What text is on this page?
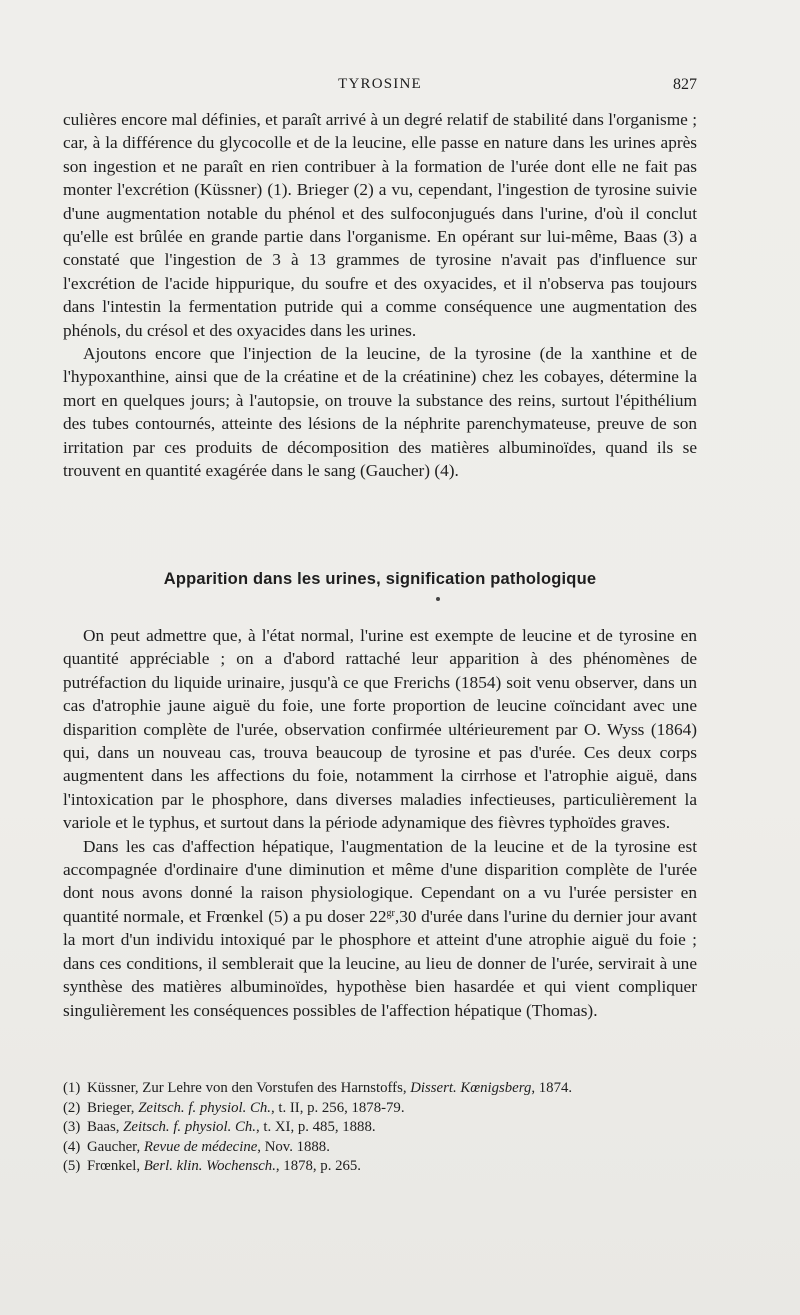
TYROSINE	827

culières encore mal définies, et paraît arrivé à un degré relatif de stabilité dans l'organisme ; car, à la différence du glycocolle et de la leucine, elle passe en nature dans les urines après son ingestion et ne paraît en rien contribuer à la formation de l'urée dont elle ne fait pas monter l'excrétion (Küssner) (1). Brieger (2) a vu, cependant, l'ingestion de tyrosine suivie d'une augmentation notable du phénol et des sulfoconjugués dans l'urine, d'où il conclut qu'elle est brûlée en grande partie dans l'organisme. En opérant sur lui-même, Baas (3) a constaté que l'ingestion de 3 à 13 grammes de tyrosine n'avait pas d'influence sur l'excrétion de l'acide hippurique, du soufre et des oxyacides, et il n'observa pas toujours dans l'intestin la fermentation putride qui a comme conséquence une augmentation des phénols, du crésol et des oxyacides dans les urines.

Ajoutons encore que l'injection de la leucine, de la tyrosine (de la xanthine et de l'hypoxanthine, ainsi que de la créatine et de la créatinine) chez les cobayes, détermine la mort en quelques jours; à l'autopsie, on trouve la substance des reins, surtout l'épithélium des tubes contournés, atteinte des lésions de la néphrite parenchymateuse, preuve de son irritation par ces produits de décomposition des matières albuminoïdes, quand ils se trouvent en quantité exagérée dans le sang (Gaucher) (4).

Apparition dans les urines, signification pathologique

On peut admettre que, à l'état normal, l'urine est exempte de leucine et de tyrosine en quantité appréciable ; on a d'abord rattaché leur apparition à des phénomènes de putréfaction du liquide urinaire, jusqu'à ce que Frerichs (1854) soit venu observer, dans un cas d'atrophie jaune aiguë du foie, une forte proportion de leucine coïncidant avec une disparition complète de l'urée, observation confirmée ultérieurement par O. Wyss (1864) qui, dans un nouveau cas, trouva beaucoup de tyrosine et pas d'urée. Ces deux corps augmentent dans les affections du foie, notamment la cirrhose et l'atrophie aiguë, dans l'intoxication par le phosphore, dans diverses maladies infectieuses, particulièrement la variole et le typhus, et surtout dans la période adynamique des fièvres typhoïdes graves.

Dans les cas d'affection hépatique, l'augmentation de la leucine et de la tyrosine est accompagnée d'ordinaire d'une diminution et même d'une disparition complète de l'urée dont nous avons donné la raison physiologique. Cependant on a vu l'urée persister en quantité normale, et Frœnkel (5) a pu doser $22^{gr},30$ d'urée dans l'urine du dernier jour avant la mort d'un individu intoxiqué par le phosphore et atteint d'une atrophie aiguë du foie ; dans ces conditions, il semblerait que la leucine, au lieu de donner de l'urée, servirait à une synthèse des matières albuminoïdes, hypothèse bien hasardée et qui vient compliquer singulièrement les conséquences possibles de l'affection hépatique (Thomas).

(1) Küssner, Zur Lehre von den Vorstufen des Harnstoffs, Dissert. Kœnigsberg, 1874.
(2) Brieger, Zeitsch. f. physiol. Ch., t. II, p. 256, 1878-79.
(3) Baas, Zeitsch. f. physiol. Ch., t. XI, p. 485, 1888.
(4) Gaucher, Revue de médecine, Nov. 1888.
(5) Frœnkel, Berl. klin. Wochensch., 1878, p. 265.
